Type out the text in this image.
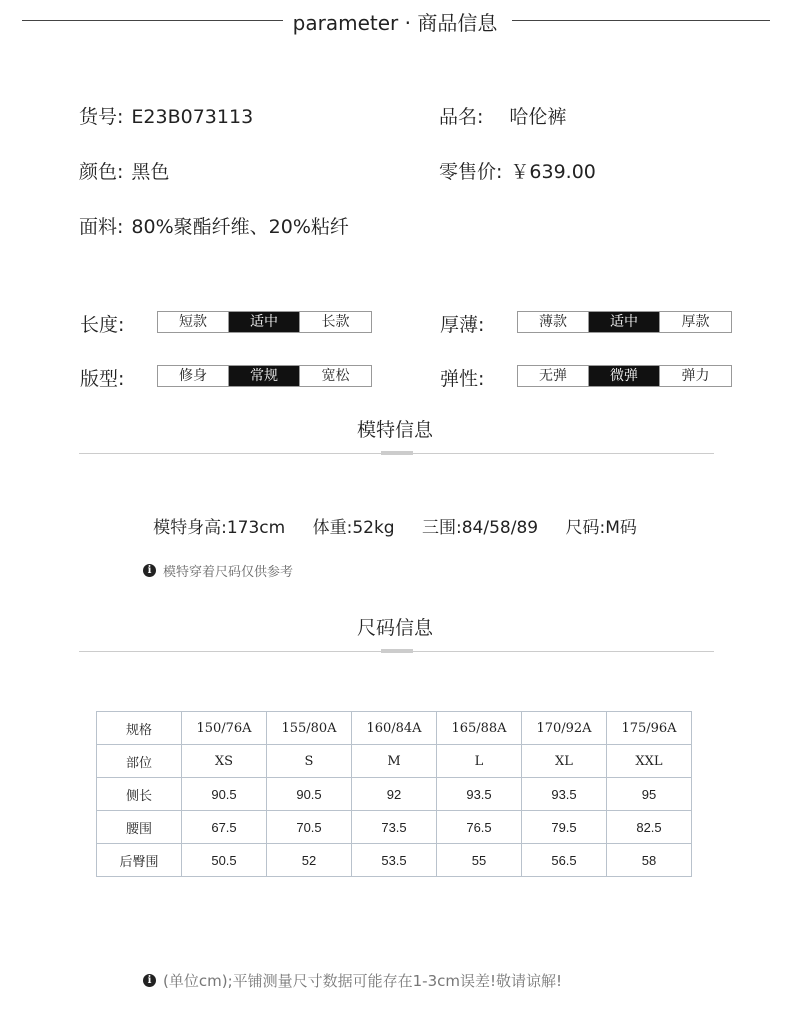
parameter · 商品信息
货号: E23B073113	品名: 哈伦裤
颜色: 黑色	零售价: ￥639.00
面料: 80%聚酯纤维、20%粘纤
长度:	短款	适中	长款	厚薄:	薄款	适中	厚款
版型:	修身	常规	宽松	弹性:	无弹	微弹	弹力
模特信息
模特身高:173cm 体重:52kg 三围:84/58/89 尺码:M码
i 模特穿着尺码仅供参考
尺码信息
规格	150/76A	155/80A	160/84A	165/88A	170/92A	175/96A
部位	XS	S	M	L	XL	XXL
侧长	90.5	90.5	92	93.5	93.5	95
腰围	67.5	70.5	73.5	76.5	79.5	82.5
后臀围	50.5	52	53.5	55	56.5	58
i (单位cm);平铺测量尺寸数据可能存在1-3cm误差!敬请谅解!
